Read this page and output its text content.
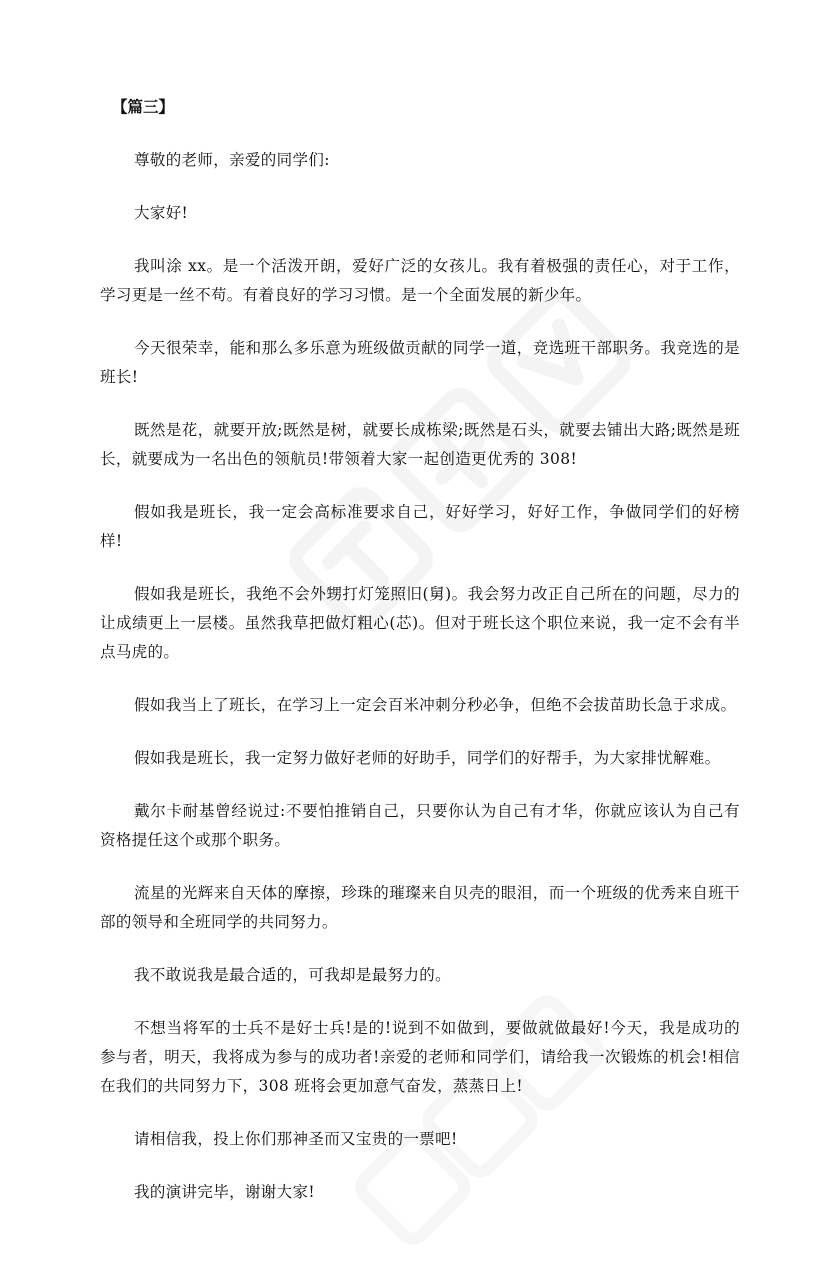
【篇三】

尊敬的老师，亲爱的同学们:

大家好!

我叫涂 xx。是一个活泼开朗，爱好广泛的女孩儿。我有着极强的责任心，对于工作，学习更是一丝不苟。有着良好的学习习惯。是一个全面发展的新少年。

今天很荣幸，能和那么多乐意为班级做贡献的同学一道，竞选班干部职务。我竞选的是班长!

既然是花，就要开放;既然是树，就要长成栋梁;既然是石头，就要去铺出大路;既然是班长，就要成为一名出色的领航员!带领着大家一起创造更优秀的 308!

假如我是班长，我一定会高标准要求自己，好好学习，好好工作，争做同学们的好榜样!

假如我是班长，我绝不会外甥打灯笼照旧(舅)。我会努力改正自己所在的问题，尽力的让成绩更上一层楼。虽然我草把做灯粗心(芯)。但对于班长这个职位来说，我一定不会有半点马虎的。

假如我当上了班长，在学习上一定会百米冲刺分秒必争，但绝不会拔苗助长急于求成。

假如我是班长，我一定努力做好老师的好助手，同学们的好帮手，为大家排忧解难。

戴尔卡耐基曾经说过:不要怕推销自己，只要你认为自己有才华，你就应该认为自己有资格提任这个或那个职务。

流星的光辉来自天体的摩擦，珍珠的璀璨来自贝壳的眼泪，而一个班级的优秀来自班干部的领导和全班同学的共同努力。

我不敢说我是最合适的，可我却是最努力的。

不想当将军的士兵不是好士兵!是的!说到不如做到，要做就做最好!今天，我是成功的参与者，明天，我将成为参与的成功者!亲爱的老师和同学们，请给我一次锻炼的机会!相信在我们的共同努力下，308 班将会更加意气奋发，蒸蒸日上!

请相信我，投上你们那神圣而又宝贵的一票吧!

我的演讲完毕，谢谢大家!
